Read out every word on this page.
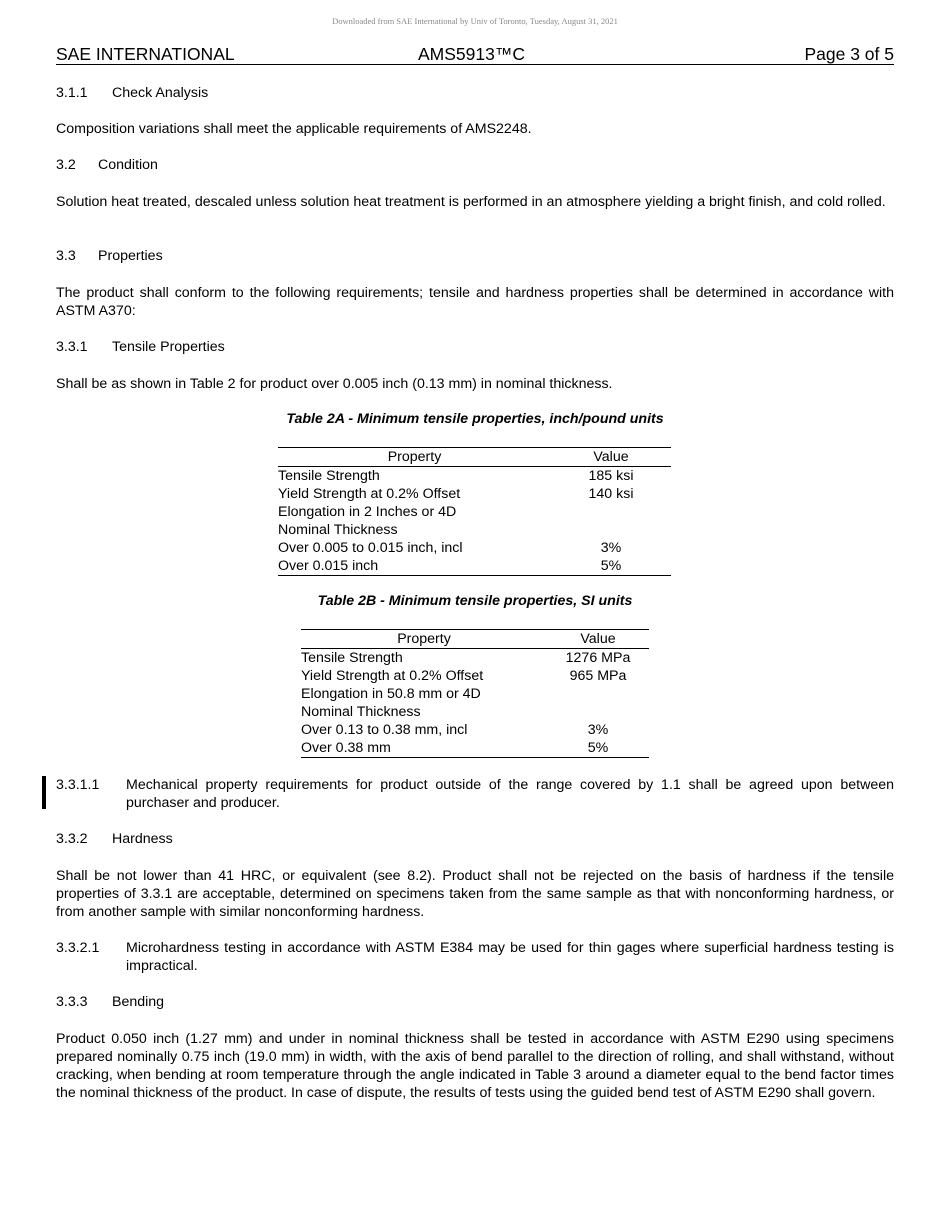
Downloaded from SAE International by Univ of Toronto, Tuesday, August 31, 2021
SAE INTERNATIONAL	AMS5913™C	Page 3 of 5
3.1.1 Check Analysis
Composition variations shall meet the applicable requirements of AMS2248.
3.2 Condition
Solution heat treated, descaled unless solution heat treatment is performed in an atmosphere yielding a bright finish, and cold rolled.
3.3 Properties
The product shall conform to the following requirements; tensile and hardness properties shall be determined in accordance with ASTM A370:
3.3.1 Tensile Properties
Shall be as shown in Table 2 for product over 0.005 inch (0.13 mm) in nominal thickness.
Table 2A - Minimum tensile properties, inch/pound units
Property	Value
Tensile Strength	185 ksi
Yield Strength at 0.2% Offset	140 ksi
Elongation in 2 Inches or 4D	
Nominal Thickness	
Over 0.005 to 0.015 inch, incl	3%
Over 0.015 inch	5%
Table 2B - Minimum tensile properties, SI units
Property	Value
Tensile Strength	1276 MPa
Yield Strength at 0.2% Offset	965 MPa
Elongation in 50.8 mm or 4D	
Nominal Thickness	
Over 0.13 to 0.38 mm, incl	3%
Over 0.38 mm	5%
3.3.1.1	Mechanical property requirements for product outside of the range covered by 1.1 shall be agreed upon between purchaser and producer.
3.3.2 Hardness
Shall be not lower than 41 HRC, or equivalent (see 8.2). Product shall not be rejected on the basis of hardness if the tensile properties of 3.3.1 are acceptable, determined on specimens taken from the same sample as that with nonconforming hardness, or from another sample with similar nonconforming hardness.
3.3.2.1	Microhardness testing in accordance with ASTM E384 may be used for thin gages where superficial hardness testing is impractical.
3.3.3 Bending
Product 0.050 inch (1.27 mm) and under in nominal thickness shall be tested in accordance with ASTM E290 using specimens prepared nominally 0.75 inch (19.0 mm) in width, with the axis of bend parallel to the direction of rolling, and shall withstand, without cracking, when bending at room temperature through the angle indicated in Table 3 around a diameter equal to the bend factor times the nominal thickness of the product. In case of dispute, the results of tests using the guided bend test of ASTM E290 shall govern.
